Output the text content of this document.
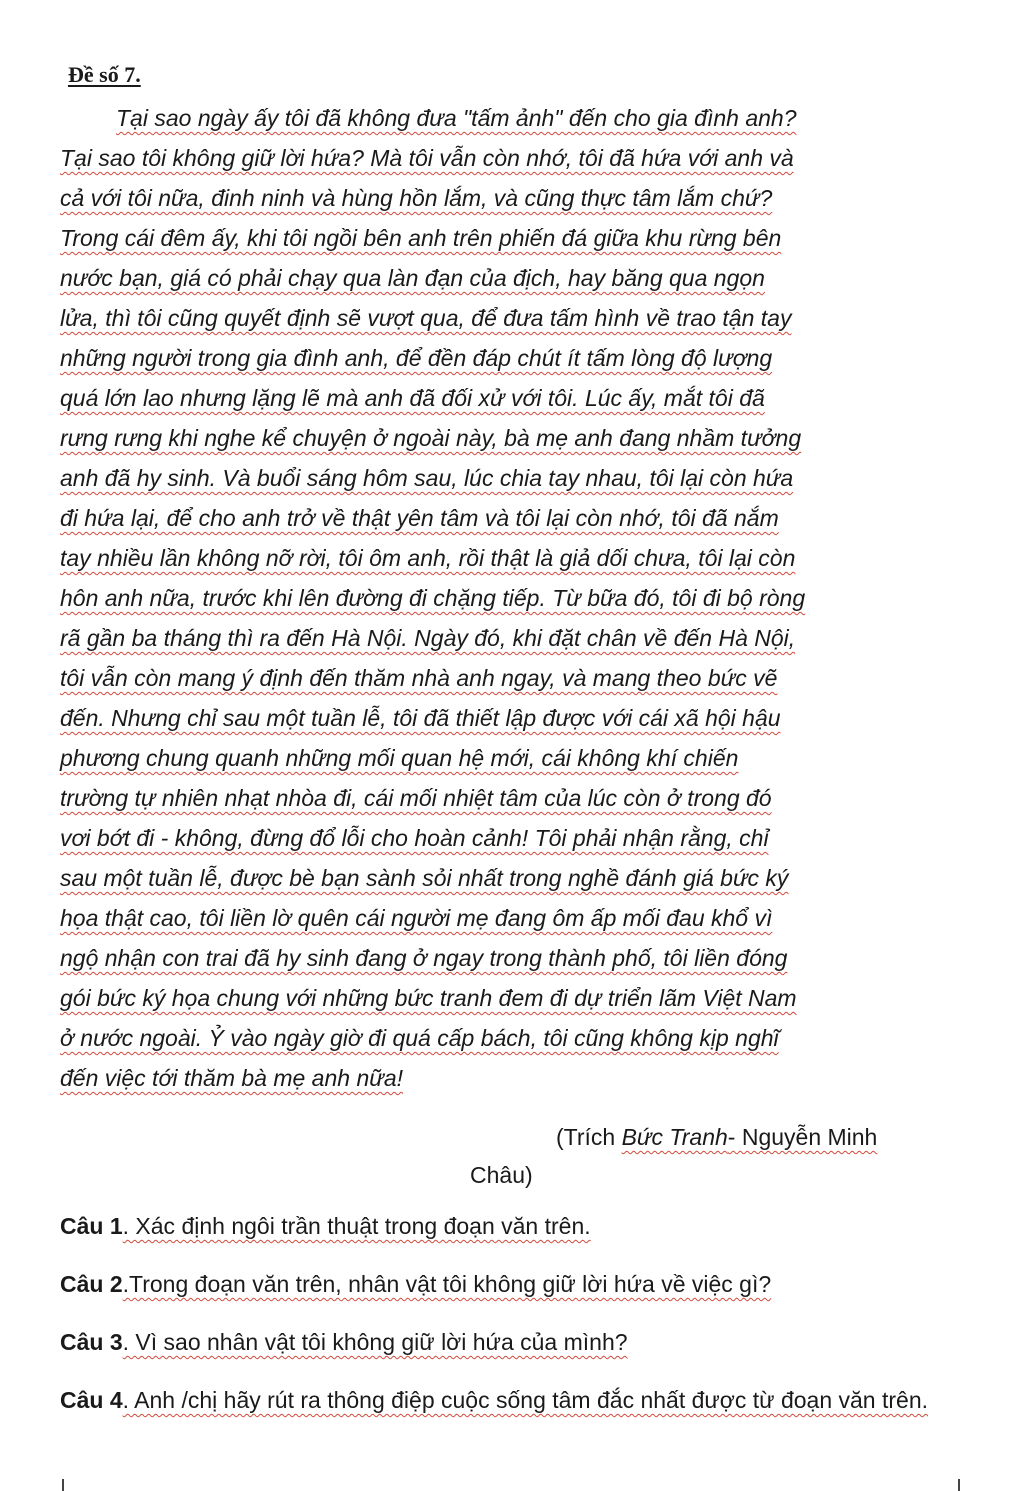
Đề số 7.
Tại sao ngày ấy tôi đã không đưa "tấm ảnh" đến cho gia đình anh?
Tại sao tôi không giữ lời hứa? Mà tôi vẫn còn nhớ, tôi đã hứa với anh và
cả với tôi nữa, đinh ninh và hùng hồn lắm, và cũng thực tâm lắm chứ?
Trong cái đêm ấy, khi tôi ngồi bên anh trên phiến đá giữa khu rừng bên
nước bạn, giá có phải chạy qua làn đạn của địch, hay băng qua ngọn
lửa, thì tôi cũng quyết định sẽ vượt qua, để đưa tấm hình về trao tận tay
những người trong gia đình anh, để đền đáp chút ít tấm lòng độ lượng
quá lớn lao nhưng lặng lẽ mà anh đã đối xử với tôi. Lúc ấy, mắt tôi đã
rưng rưng khi nghe kể chuyện ở ngoài này, bà mẹ anh đang nhầm tưởng
anh đã hy sinh. Và buổi sáng hôm sau, lúc chia tay nhau, tôi lại còn hứa
đi hứa lại, để cho anh trở về thật yên tâm và tôi lại còn nhớ, tôi đã nắm
tay nhiều lần không nỡ rời, tôi ôm anh, rồi thật là giả dối chưa, tôi lại còn
hôn anh nữa, trước khi lên đường đi chặng tiếp. Từ bữa đó, tôi đi bộ ròng
rã gần ba tháng thì ra đến Hà Nội. Ngày đó, khi đặt chân về đến Hà Nội,
tôi vẫn còn mang ý định đến thăm nhà anh ngay, và mang theo bức vẽ
đến. Nhưng chỉ sau một tuần lễ, tôi đã thiết lập được với cái xã hội hậu
phương chung quanh những mối quan hệ mới, cái không khí chiến
trường tự nhiên nhạt nhòa đi, cái mối nhiệt tâm của lúc còn ở trong đó
vơi bớt đi - không, đừng đổ lỗi cho hoàn cảnh! Tôi phải nhận rằng, chỉ
sau một tuần lễ, được bè bạn sành sỏi nhất trong nghề đánh giá bức ký
họa thật cao, tôi liền lờ quên cái người mẹ đang ôm ấp mối đau khổ vì
ngộ nhận con trai đã hy sinh đang ở ngay trong thành phố, tôi liền đóng
gói bức ký họa chung với những bức tranh đem đi dự triển lãm Việt Nam
ở nước ngoài. Ỷ vào ngày giờ đi quá cấp bách, tôi cũng không kịp nghĩ
đến việc tới thăm bà mẹ anh nữa!
(Trích Bức Tranh- Nguyễn Minh
Châu)

Câu 1. Xác định ngôi trần thuật trong đoạn văn trên.

Câu 2.Trong đoạn văn trên, nhân vật tôi không giữ lời hứa về việc gì?

Câu 3. Vì sao nhân vật tôi không giữ lời hứa của mình?

Câu 4. Anh /chị hãy rút ra thông điệp cuộc sống tâm đắc nhất được từ đoạn văn trên.
